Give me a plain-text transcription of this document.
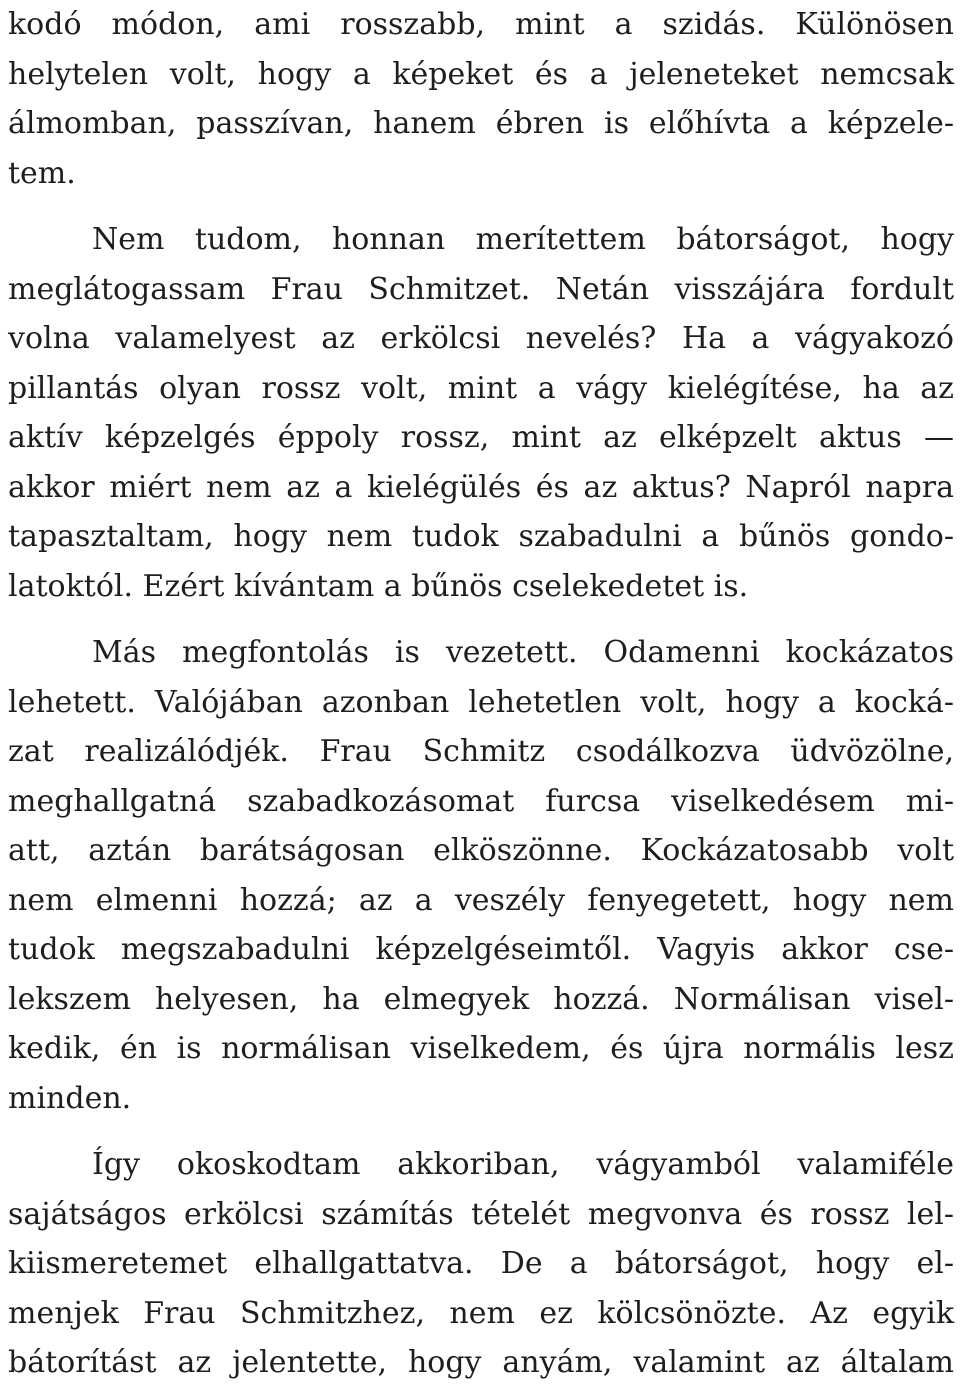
kodó módon, ami rosszabb, mint a szidás. Különösen
helytelen volt, hogy a képeket és a jeleneteket nemcsak
álmomban, passzívan, hanem ébren is előhívta a képzele-
tem.
Nem tudom, honnan merítettem bátorságot, hogy
meglátogassam Frau Schmitzet. Netán visszájára fordult
volna valamelyest az erkölcsi nevelés? Ha a vágyakozó
pillantás olyan rossz volt, mint a vágy kielégítése, ha az
aktív képzelgés éppoly rossz, mint az elképzelt aktus —
akkor miért nem az a kielégülés és az aktus? Napról napra
tapasztaltam, hogy nem tudok szabadulni a bűnös gondo-
latoktól. Ezért kívántam a bűnös cselekedetet is.
Más megfontolás is vezetett. Odamenni kockázatos
lehetett. Valójában azonban lehetetlen volt, hogy a kocká-
zat realizálódjék. Frau Schmitz csodálkozva üdvözölne,
meghallgatná szabadkozásomat furcsa viselkedésem mi-
att, aztán barátságosan elköszönne. Kockázatosabb volt
nem elmenni hozzá; az a veszély fenyegetett, hogy nem
tudok megszabadulni képzelgéseimtől. Vagyis akkor cse-
lekszem helyesen, ha elmegyek hozzá. Normálisan visel-
kedik, én is normálisan viselkedem, és újra normális lesz
minden.
Így okoskodtam akkoriban, vágyamból valamiféle
sajátságos erkölcsi számítás tételét megvonva és rossz lel-
kiismeretemet elhallgattatva. De a bátorságot, hogy el-
menjek Frau Schmitzhez, nem ez kölcsönözte. Az egyik
bátorítást az jelentette, hogy anyám, valamint az általam
